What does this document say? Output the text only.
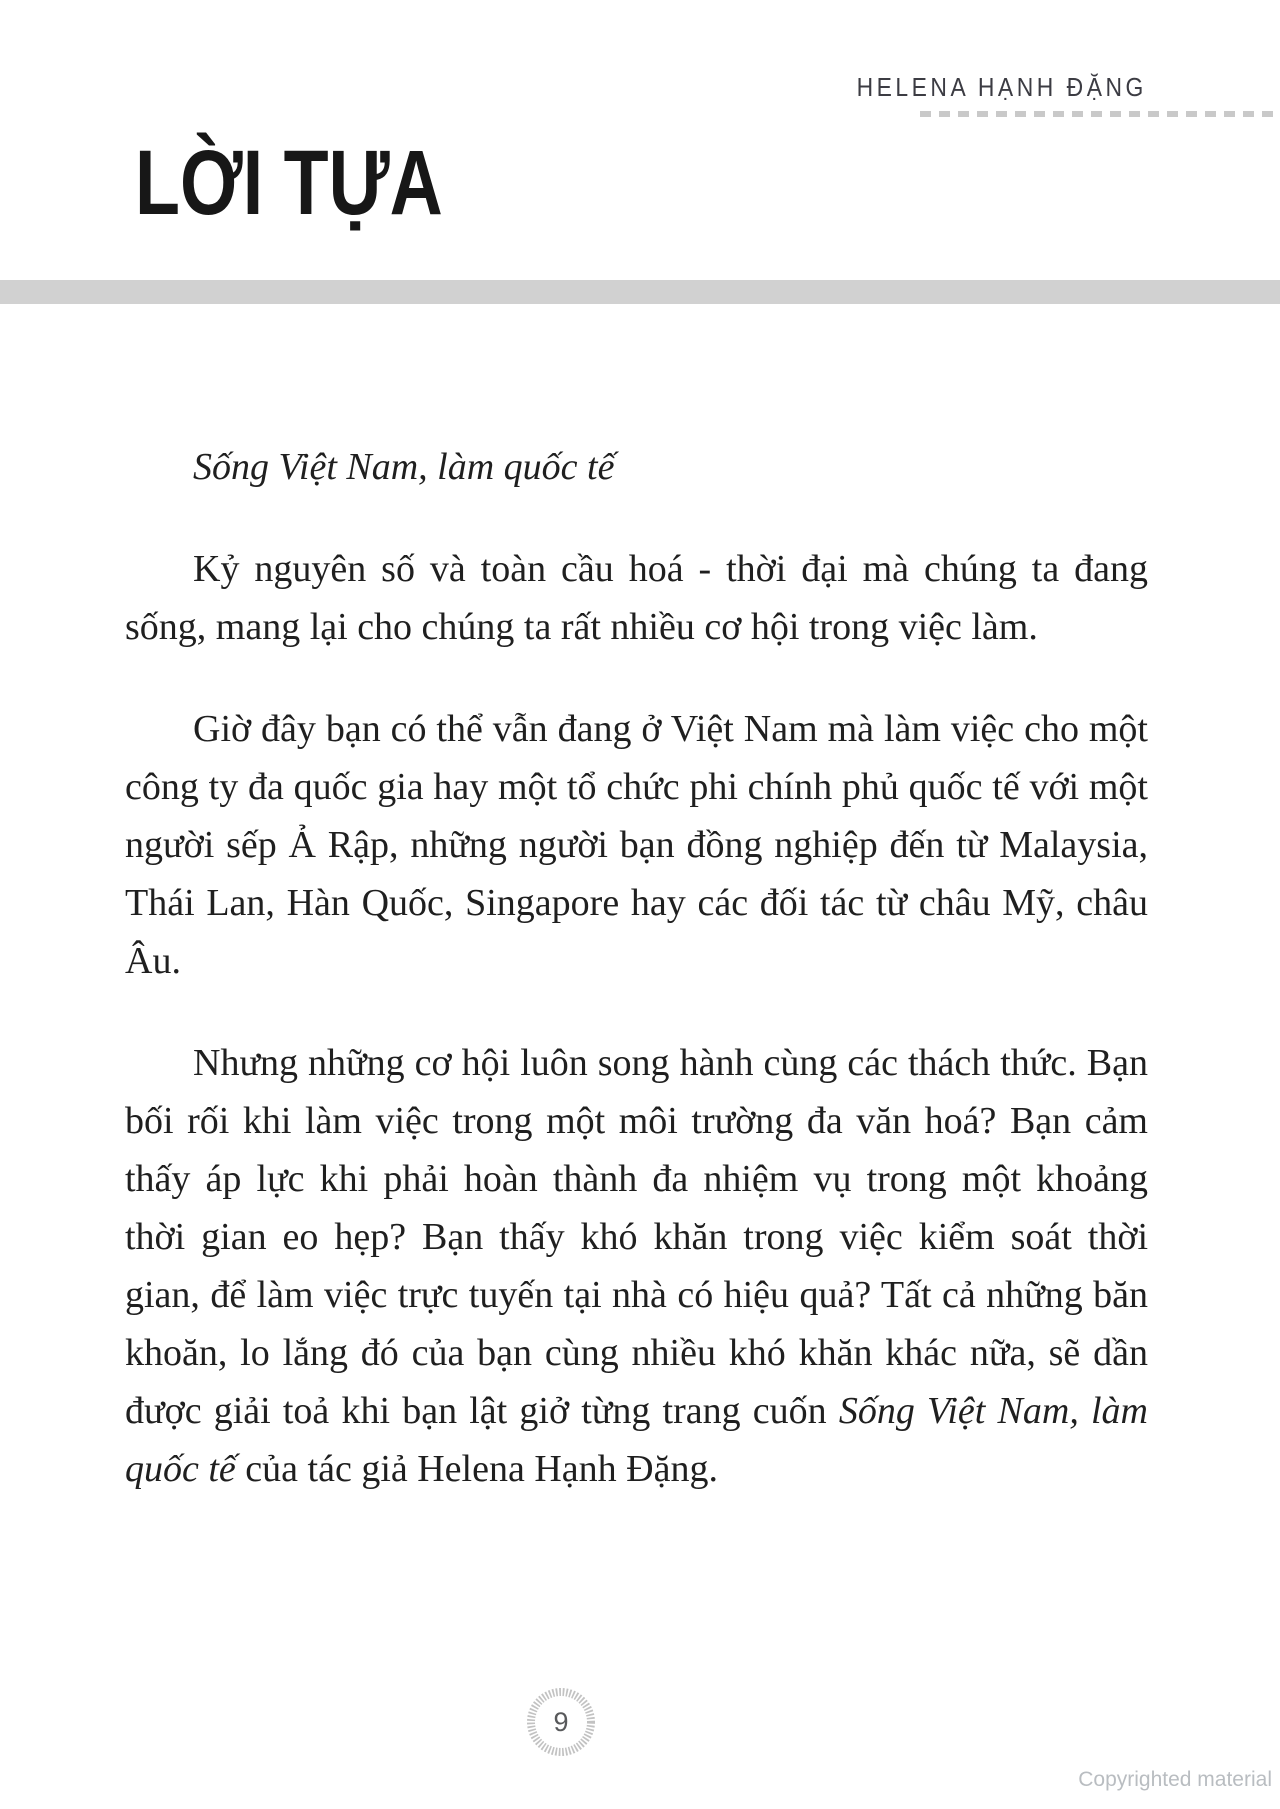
HELENA HẠNH ĐẶNG
LỜI TỰA

Sống Việt Nam, làm quốc tế

Kỷ nguyên số và toàn cầu hoá - thời đại mà chúng ta đang sống, mang lại cho chúng ta rất nhiều cơ hội trong việc làm.

Giờ đây bạn có thể vẫn đang ở Việt Nam mà làm việc cho một công ty đa quốc gia hay một tổ chức phi chính phủ quốc tế với một người sếp Ả Rập, những người bạn đồng nghiệp đến từ Malaysia, Thái Lan, Hàn Quốc, Singapore hay các đối tác từ châu Mỹ, châu Âu.

Nhưng những cơ hội luôn song hành cùng các thách thức. Bạn bối rối khi làm việc trong một môi trường đa văn hoá? Bạn cảm thấy áp lực khi phải hoàn thành đa nhiệm vụ trong một khoảng thời gian eo hẹp? Bạn thấy khó khăn trong việc kiểm soát thời gian, để làm việc trực tuyến tại nhà có hiệu quả? Tất cả những băn khoăn, lo lắng đó của bạn cùng nhiều khó khăn khác nữa, sẽ dần được giải toả khi bạn lật giở từng trang cuốn Sống Việt Nam, làm quốc tế của tác giả Helena Hạnh Đặng.

9
Copyrighted material
